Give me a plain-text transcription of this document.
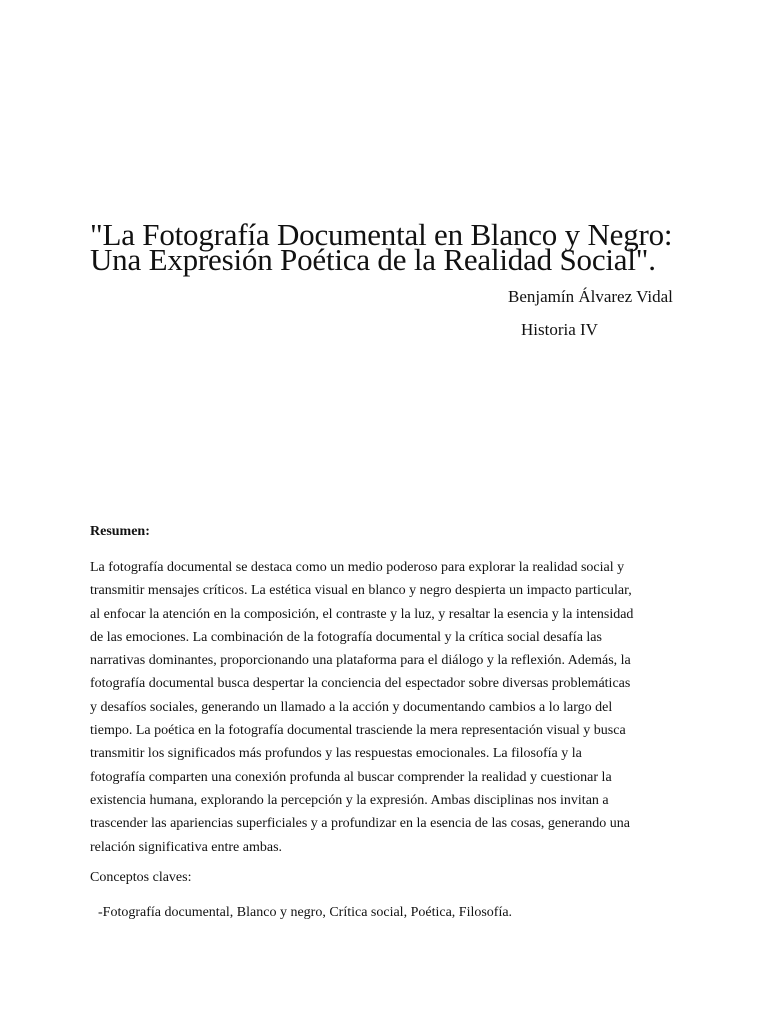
"La Fotografía Documental en Blanco y Negro:
Una Expresión Poética de la Realidad Social".
Benjamín Álvarez Vidal
Historia IV
Resumen:

La fotografía documental se destaca como un medio poderoso para explorar la realidad social y
transmitir mensajes críticos. La estética visual en blanco y negro despierta un impacto particular,
al enfocar la atención en la composición, el contraste y la luz, y resaltar la esencia y la intensidad
de las emociones. La combinación de la fotografía documental y la crítica social desafía las
narrativas dominantes, proporcionando una plataforma para el diálogo y la reflexión. Además, la
fotografía documental busca despertar la conciencia del espectador sobre diversas problemáticas
y desafíos sociales, generando un llamado a la acción y documentando cambios a lo largo del
tiempo. La poética en la fotografía documental trasciende la mera representación visual y busca
transmitir los significados más profundos y las respuestas emocionales. La filosofía y la
fotografía comparten una conexión profunda al buscar comprender la realidad y cuestionar la
existencia humana, explorando la percepción y la expresión. Ambas disciplinas nos invitan a
trascender las apariencias superficiales y a profundizar en la esencia de las cosas, generando una
relación significativa entre ambas.

Conceptos claves:
-Fotografía documental, Blanco y negro, Crítica social, Poética, Filosofía.
